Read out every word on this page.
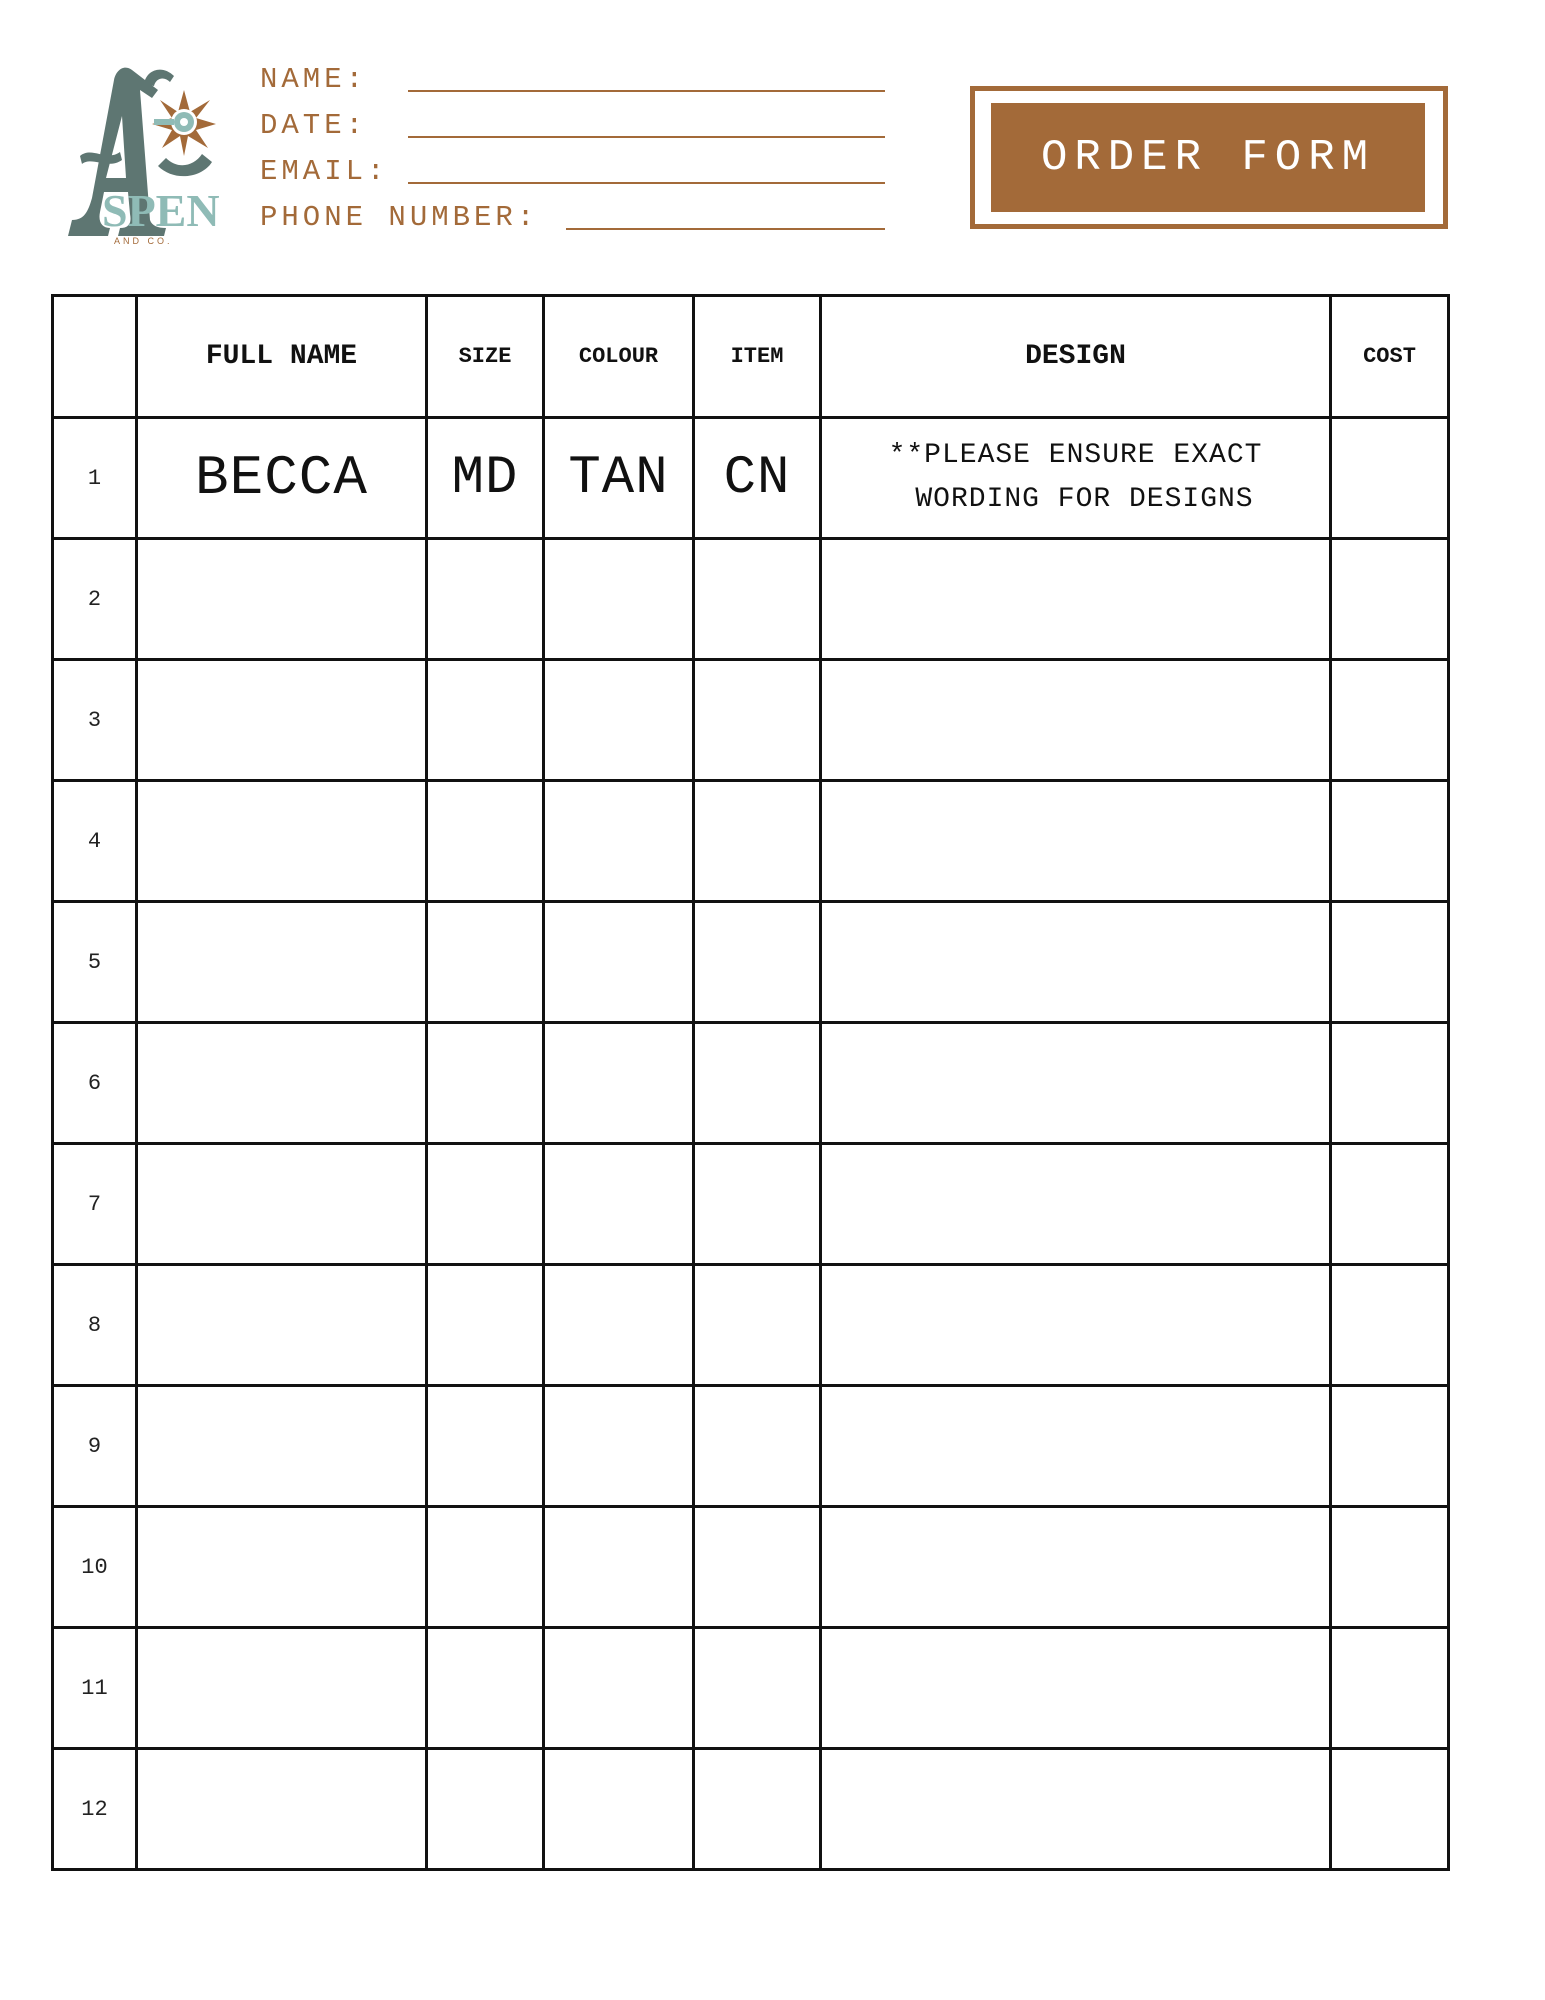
SPEN
AND CO.
NAME:
DATE:
EMAIL:
PHONE NUMBER:
ORDER FORM
	FULL NAME	SIZE	COLOUR	ITEM	DESIGN	COST
1	BECCA	MD	TAN	CN	**PLEASE ENSURE EXACT
WORDING FOR DESIGNS	

2						
3						
4						
5						
6						
7						
8						
9						
10						
11						
12						
